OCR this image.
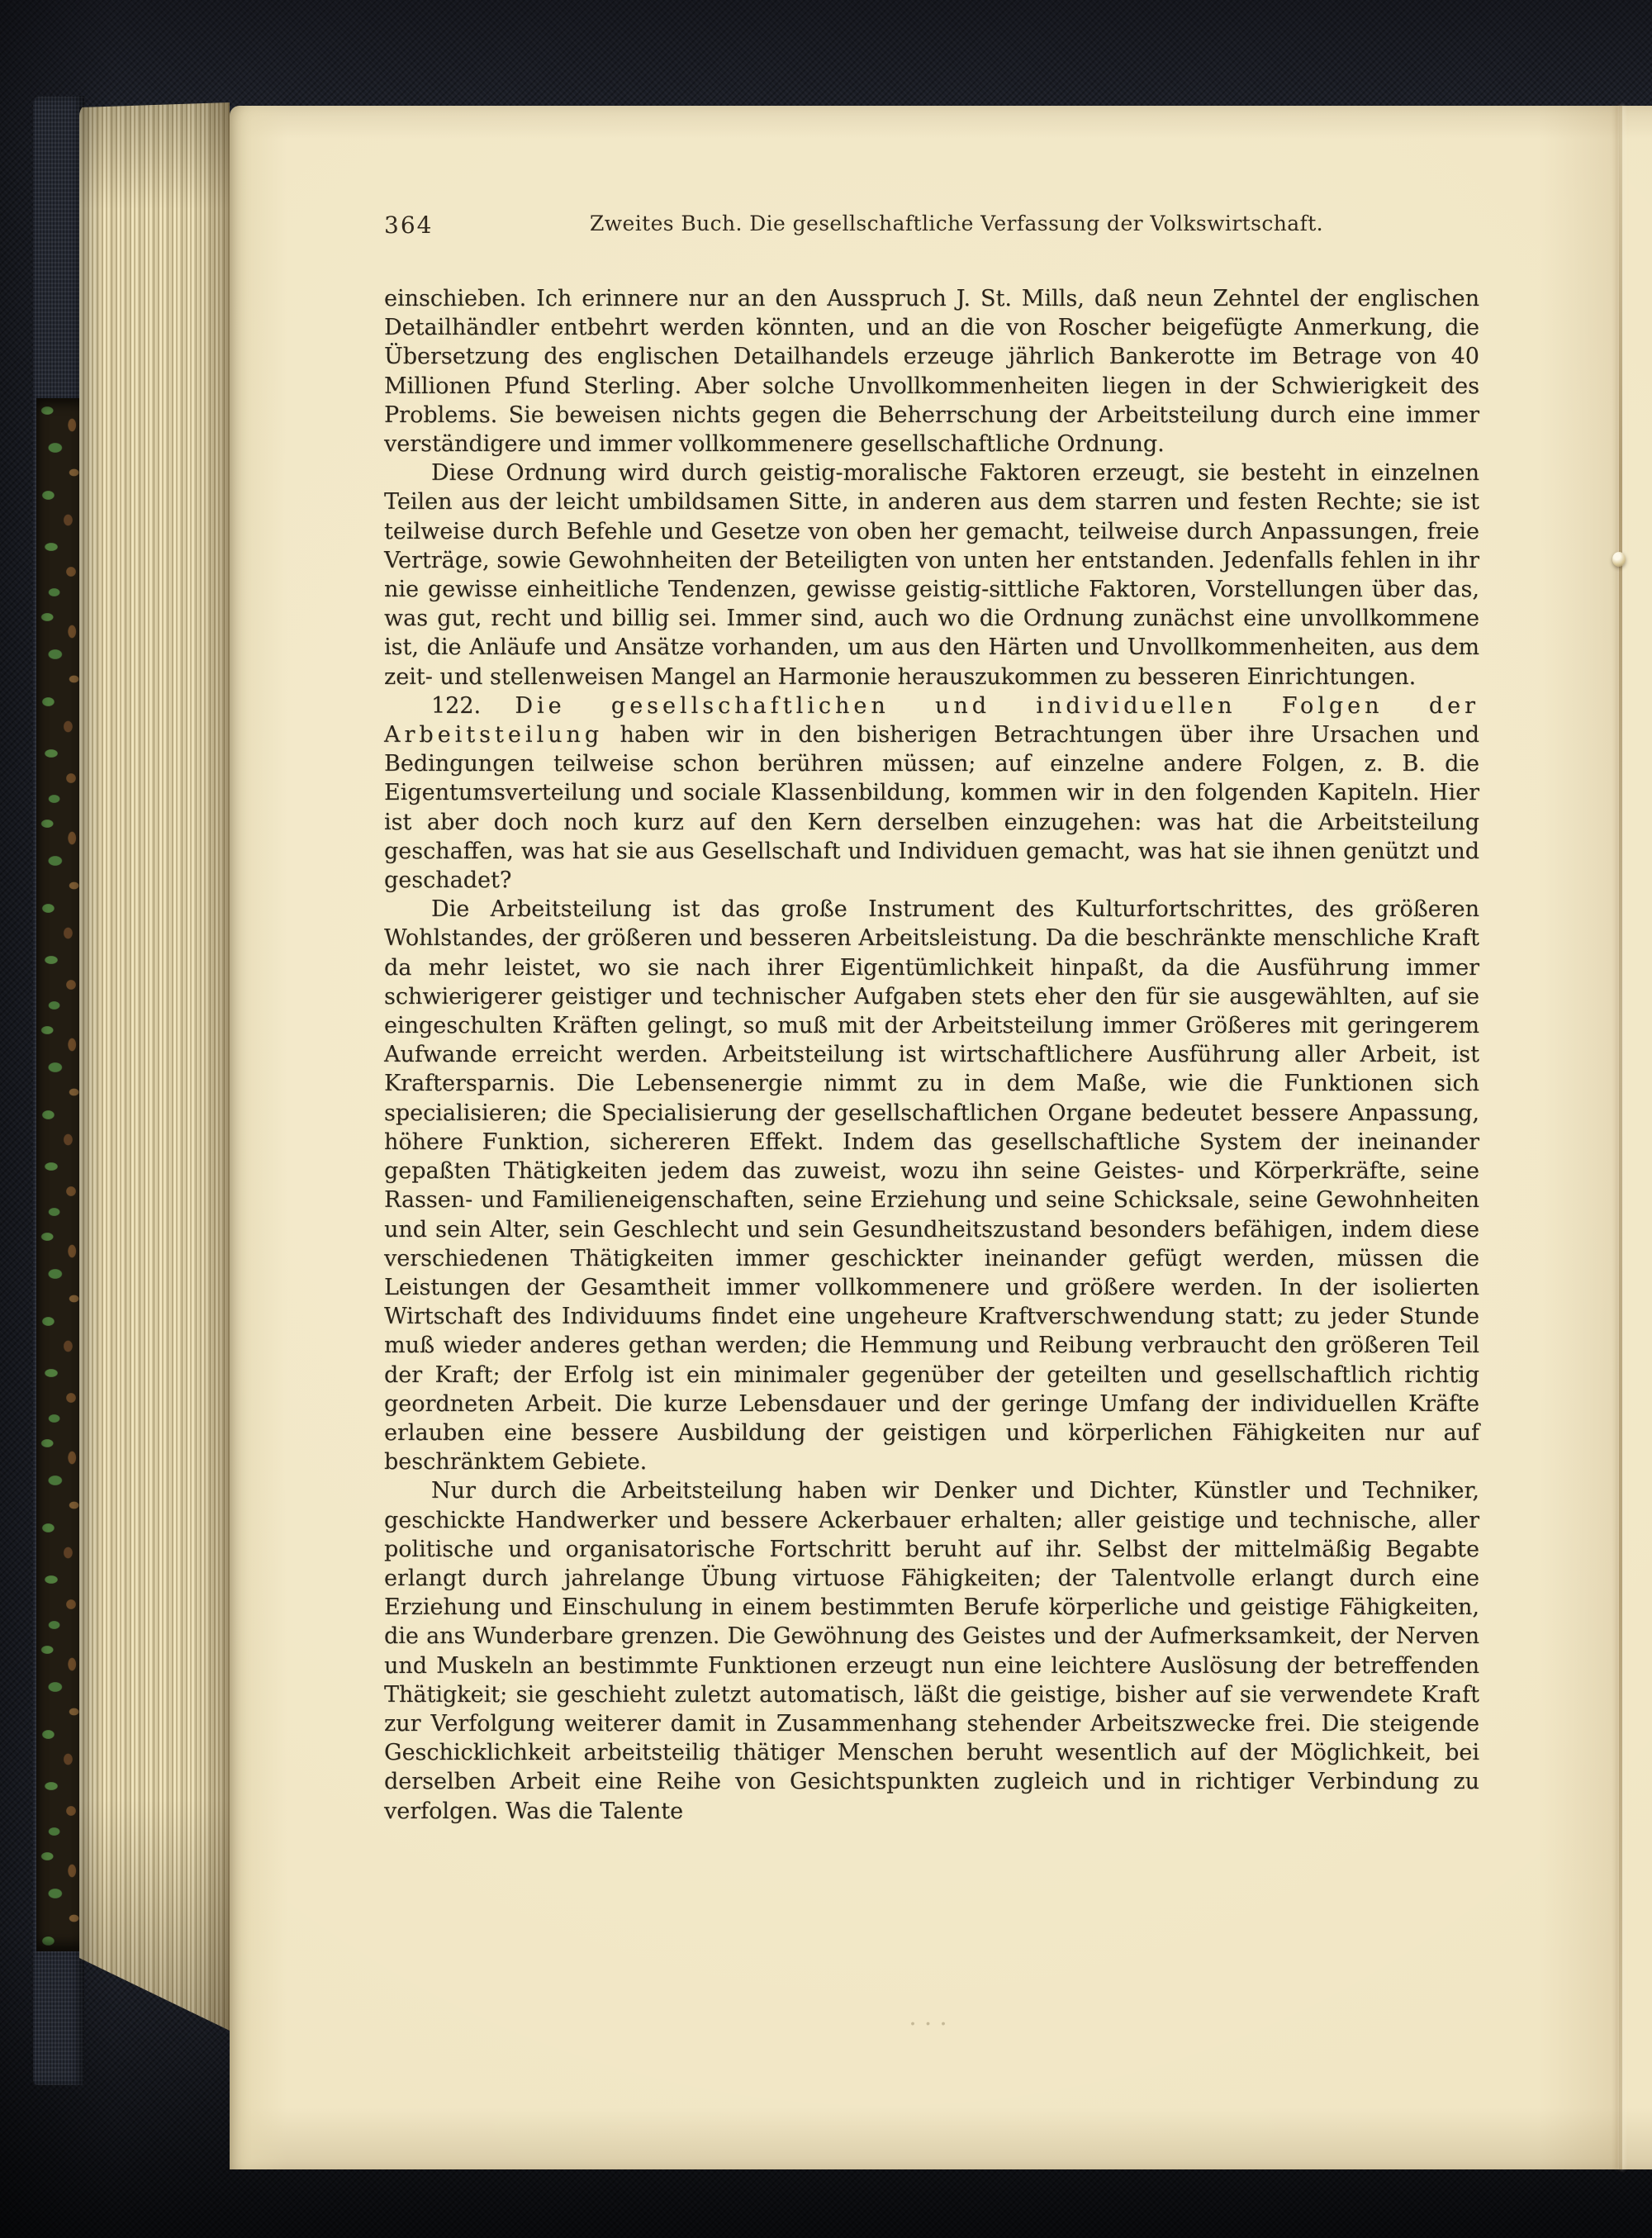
364	Zweites Buch. Die gesellschaftliche Verfassung der Volkswirtschaft.

einschieben. Ich erinnere nur an den Ausspruch J. St. Mills, daß neun Zehntel der englischen Detailhändler entbehrt werden könnten, und an die von Roscher beigefügte Anmerkung, die Übersetzung des englischen Detailhandels erzeuge jährlich Bankerotte im Betrage von 40 Millionen Pfund Sterling. Aber solche Unvollkommenheiten liegen in der Schwierigkeit des Problems. Sie beweisen nichts gegen die Beherrschung der Arbeitsteilung durch eine immer verständigere und immer vollkommenere gesellschaftliche Ordnung.

Diese Ordnung wird durch geistig-moralische Faktoren erzeugt, sie besteht in einzelnen Teilen aus der leicht umbildsamen Sitte, in anderen aus dem starren und festen Rechte; sie ist teilweise durch Befehle und Gesetze von oben her gemacht, teilweise durch Anpassungen, freie Verträge, sowie Gewohnheiten der Beteiligten von unten her entstanden. Jedenfalls fehlen in ihr nie gewisse einheitliche Tendenzen, gewisse geistig-sittliche Faktoren, Vorstellungen über das, was gut, recht und billig sei. Immer sind, auch wo die Ordnung zunächst eine unvollkommene ist, die Anläufe und Ansätze vorhanden, um aus den Härten und Unvollkommenheiten, aus dem zeit- und stellenweisen Mangel an Harmonie herauszukommen zu besseren Einrichtungen.

122. Die gesellschaftlichen und individuellen Folgen der Arbeitsteilung haben wir in den bisherigen Betrachtungen über ihre Ursachen und Bedingungen teilweise schon berühren müssen; auf einzelne andere Folgen, z. B. die Eigentumsverteilung und sociale Klassenbildung, kommen wir in den folgenden Kapiteln. Hier ist aber doch noch kurz auf den Kern derselben einzugehen: was hat die Arbeitsteilung geschaffen, was hat sie aus Gesellschaft und Individuen gemacht, was hat sie ihnen genützt und geschadet?

Die Arbeitsteilung ist das große Instrument des Kulturfortschrittes, des größeren Wohlstandes, der größeren und besseren Arbeitsleistung. Da die beschränkte menschliche Kraft da mehr leistet, wo sie nach ihrer Eigentümlichkeit hinpaßt, da die Ausführung immer schwierigerer geistiger und technischer Aufgaben stets eher den für sie ausgewählten, auf sie eingeschulten Kräften gelingt, so muß mit der Arbeitsteilung immer Größeres mit geringerem Aufwande erreicht werden. Arbeitsteilung ist wirtschaftlichere Ausführung aller Arbeit, ist Kraftersparnis. Die Lebensenergie nimmt zu in dem Maße, wie die Funktionen sich specialisieren; die Specialisierung der gesellschaftlichen Organe bedeutet bessere Anpassung, höhere Funktion, sichereren Effekt. Indem das gesellschaftliche System der ineinander gepaßten Thätigkeiten jedem das zuweist, wozu ihn seine Geistes- und Körperkräfte, seine Rassen- und Familieneigenschaften, seine Erziehung und seine Schicksale, seine Gewohnheiten und sein Alter, sein Geschlecht und sein Gesundheitszustand besonders befähigen, indem diese verschiedenen Thätigkeiten immer geschickter ineinander gefügt werden, müssen die Leistungen der Gesamtheit immer vollkommenere und größere werden. In der isolierten Wirtschaft des Individuums findet eine ungeheure Kraftverschwendung statt; zu jeder Stunde muß wieder anderes gethan werden; die Hemmung und Reibung verbraucht den größeren Teil der Kraft; der Erfolg ist ein minimaler gegenüber der geteilten und gesellschaftlich richtig geordneten Arbeit. Die kurze Lebensdauer und der geringe Umfang der individuellen Kräfte erlauben eine bessere Ausbildung der geistigen und körperlichen Fähigkeiten nur auf beschränktem Gebiete.

Nur durch die Arbeitsteilung haben wir Denker und Dichter, Künstler und Techniker, geschickte Handwerker und bessere Ackerbauer erhalten; aller geistige und technische, aller politische und organisatorische Fortschritt beruht auf ihr. Selbst der mittelmäßig Begabte erlangt durch jahrelange Übung virtuose Fähigkeiten; der Talentvolle erlangt durch eine Erziehung und Einschulung in einem bestimmten Berufe körperliche und geistige Fähigkeiten, die ans Wunderbare grenzen. Die Gewöhnung des Geistes und der Aufmerksamkeit, der Nerven und Muskeln an bestimmte Funktionen erzeugt nun eine leichtere Auslösung der betreffenden Thätigkeit; sie geschieht zuletzt automatisch, läßt die geistige, bisher auf sie verwendete Kraft zur Verfolgung weiterer damit in Zusammenhang stehender Arbeitszwecke frei. Die steigende Geschicklichkeit arbeitsteilig thätiger Menschen beruht wesentlich auf der Möglichkeit, bei derselben Arbeit eine Reihe von Gesichtspunkten zugleich und in richtiger Verbindung zu verfolgen. Was die Talente

...
